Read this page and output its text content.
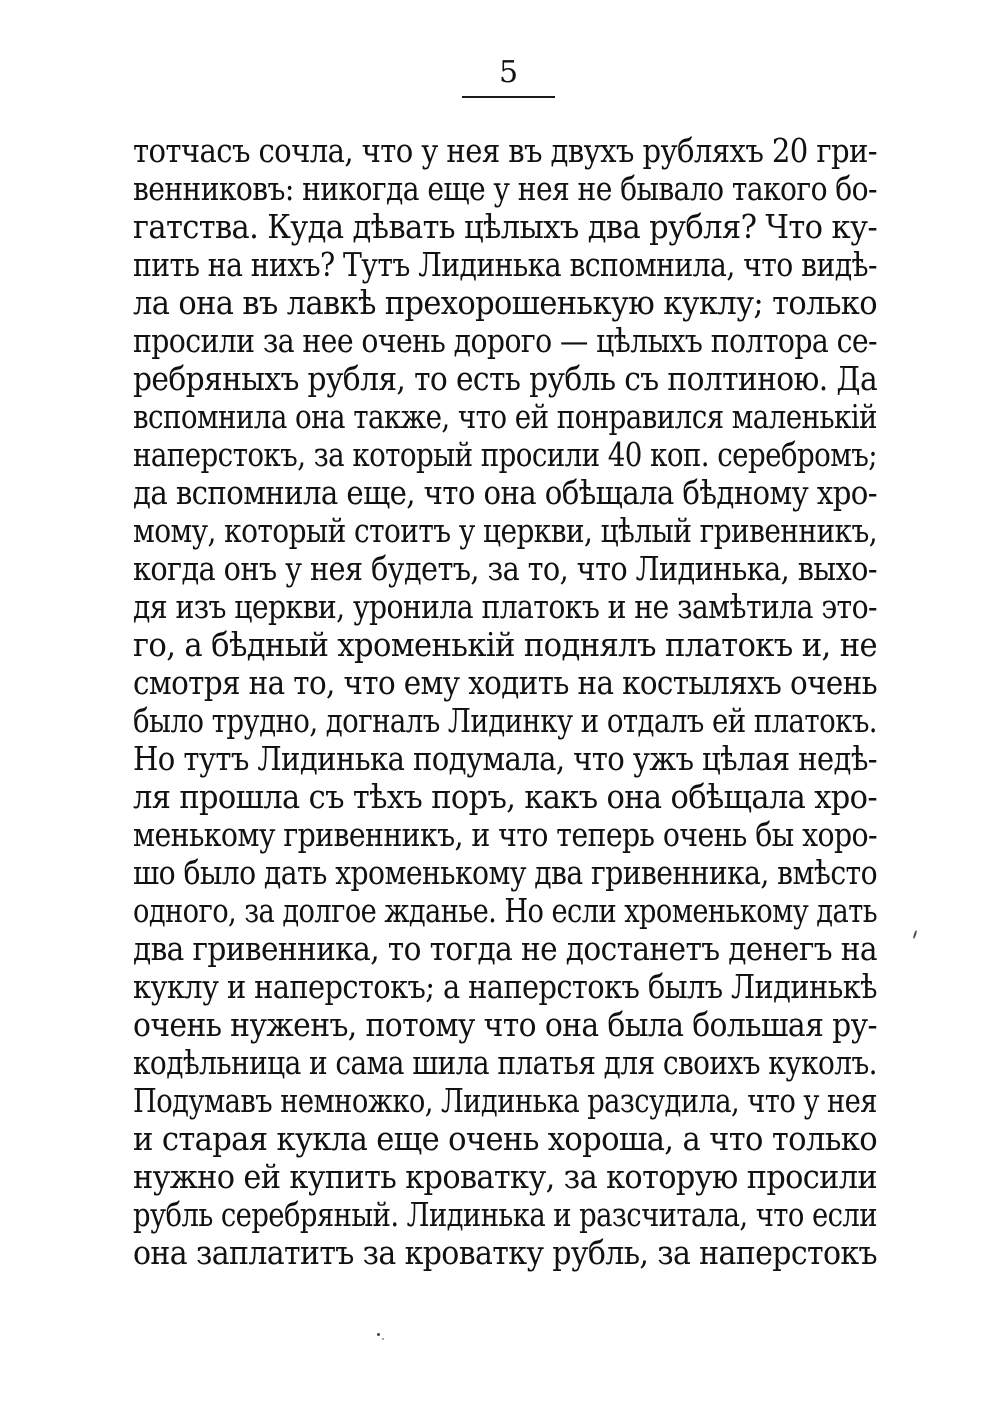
5
тотчасъ сочла, что у нея въ двухъ рубляхъ 20 гри-
венниковъ: никогда еще у нея не бывало такого бо-
гатства. Куда дѣвать цѣлыхъ два рубля? Что ку-
пить на нихъ? Тутъ Лидинька вспомнила, что видѣ-
ла она въ лавкѣ прехорошенькую куклу; только
просили за нее очень дорого — цѣлыхъ полтора се-
ребряныхъ рубля, то есть рубль съ полтиною. Да
вспомнила она также, что ей понравился маленькій
наперстокъ, за который просили 40 коп. серебромъ;
да вспомнила еще, что она обѣщала бѣдному хро-
мому, который стоитъ у церкви, цѣлый гривенникъ,
когда онъ у нея будетъ, за то, что Лидинька, выхо-
дя изъ церкви, уронила платокъ и не замѣтила это-
го, а бѣдный хроменькій поднялъ платокъ и, не
смотря на то, что ему ходить на костыляхъ очень
было трудно, догналъ Лидинку и отдалъ ей платокъ.
Но тутъ Лидинька подумала, что ужъ цѣлая недѣ-
ля прошла съ тѣхъ поръ, какъ она обѣщала хро-
менькому гривенникъ, и что теперь очень бы хоро-
шо было дать хроменькому два гривенника, вмѣсто
одного, за долгое жданье. Но если хроменькому дать
два гривенника, то тогда не достанетъ денегъ на
куклу и наперстокъ; а наперстокъ былъ Лидинькѣ
очень нуженъ, потому что она была большая ру-
кодѣльница и сама шила платья для своихъ куколъ.
Подумавъ немножко, Лидинька разсудила, что у нея
и старая кукла еще очень хороша, а что только
нужно ей купить кроватку, за которую просили
рубль серебряный. Лидинька и разсчитала, что если
она заплатитъ за кроватку рубль, за наперстокъ
